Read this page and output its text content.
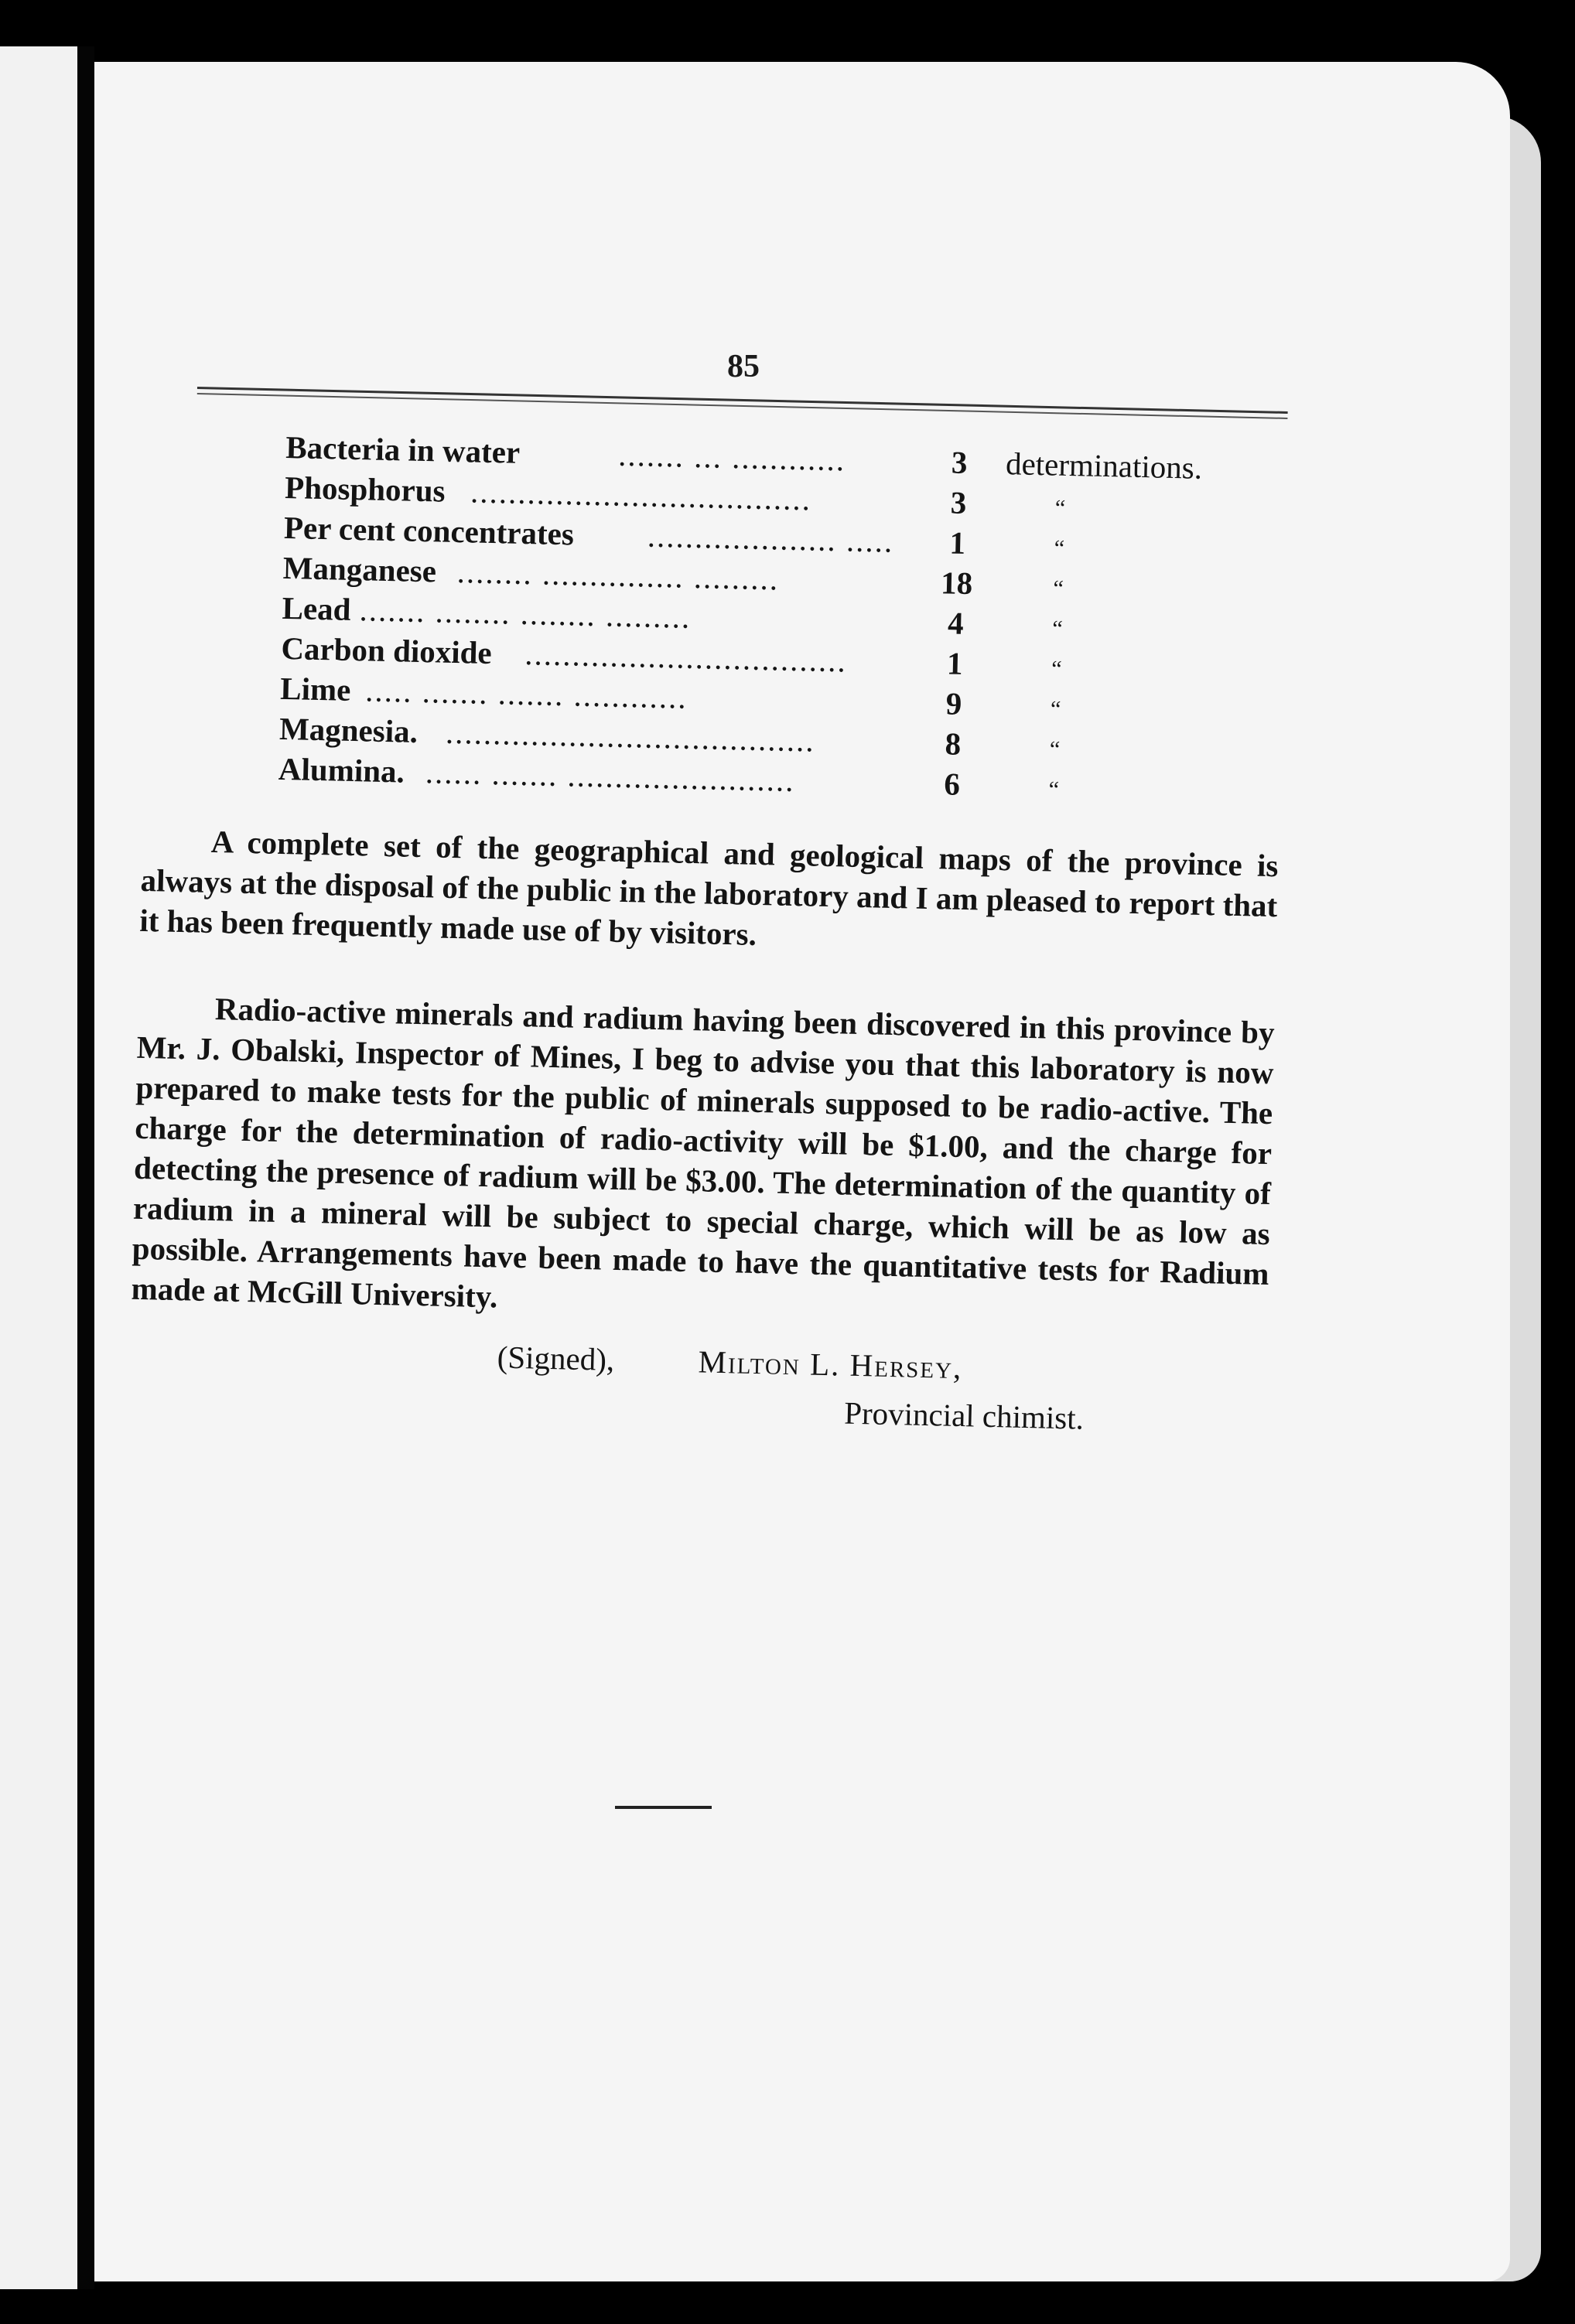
85
Bacteria in water	....... ... ............	3	determinations.
Phosphorus ....................................	3	“
Per cent concentrates	.................... .....	1	“
Manganese ........ ............... .........	18	“
Lead ....... ........ ........ .........	4	“
Carbon dioxide	..................................	1	“
Lime ..... ....... ....... ............	9	“
Magnesia. .......................................	8	“
Alumina. ...... ....... ........................	6	“

A complete set of the geographical and geological maps of the province is always at the disposal of the public in the laboratory and I am pleased to report that it has been frequently made use of by visitors.

Radio-active minerals and radium having been discovered in this province by Mr. J. Obalski, Inspector of Mines, I beg to advise you that this laboratory is now prepared to make tests for the public of minerals supposed to be radio-active. The charge for the determination of radio-activity will be $1.00, and the charge for detecting the presence of radium will be $3.00. The determination of the quantity of radium in a mineral will be subject to special charge, which will be as low as possible. Arrangements have been made to have the quantitative tests for Radium made at McGill University.

(Signed),	Milton L. Hersey,
Provincial chimist.
